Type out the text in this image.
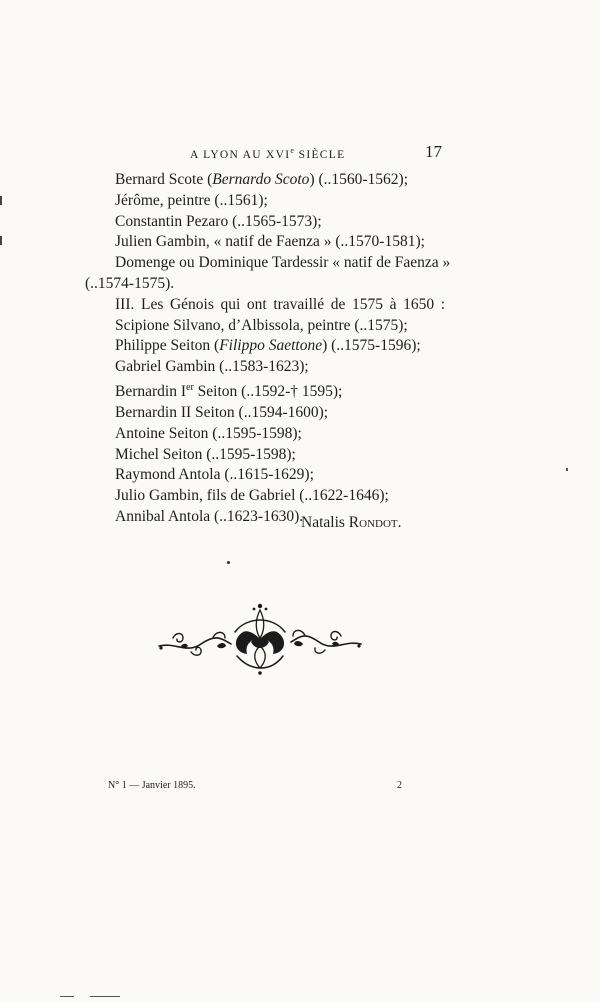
A LYON AU XVIe SIÈCLE	17
Bernard Scote (Bernardo Scoto) (..1560-1562);
Jérôme, peintre (..1561);
Constantin Pezaro (..1565-1573);
Julien Gambin, « natif de Faenza » (..1570-1581);
Domenge ou Dominique Tardessir « natif de Faenza »
(..1574-1575).
III. Les Génois qui ont travaillé de 1575 à 1650 :
Scipione Silvano, d’Albissola, peintre (..1575);
Philippe Seiton (Filippo Saettone) (..1575-1596);
Gabriel Gambin (..1583-1623);
Bernardin Ier Seiton (..1592-† 1595);
Bernardin II Seiton (..1594-1600);
Antoine Seiton (..1595-1598);
Michel Seiton (..1595-1598);
Raymond Antola (..1615-1629);
Julio Gambin, fils de Gabriel (..1622-1646);
Annibal Antola (..1623-1630).
Natalis Rondot.
N° 1 — Janvier 1895.	2
